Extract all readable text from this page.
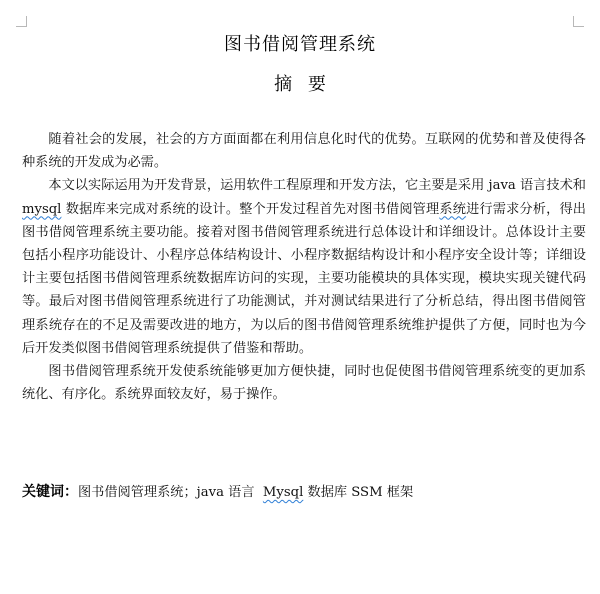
图书借阅管理系统
摘 要

随着社会的发展，社会的方方面面都在利用信息化时代的优势。互联网的优势和普及使得各种系统的开发成为必需。

本文以实际运用为开发背景，运用软件工程原理和开发方法，它主要是采用 java 语言技术和 mysql 数据库来完成对系统的设计。整个开发过程首先对图书借阅管理系统进行需求分析，得出图书借阅管理系统主要功能。接着对图书借阅管理系统进行总体设计和详细设计。总体设计主要包括小程序功能设计、小程序总体结构设计、小程序数据结构设计和小程序安全设计等；详细设计主要包括图书借阅管理系统数据库访问的实现，主要功能模块的具体实现，模块实现关键代码等。最后对图书借阅管理系统进行了功能测试，并对测试结果进行了分析总结，得出图书借阅管理系统存在的不足及需要改进的地方，为以后的图书借阅管理系统维护提供了方便，同时也为今后开发类似图书借阅管理系统提供了借鉴和帮助。

图书借阅管理系统开发使系统能够更加方便快捷，同时也促使图书借阅管理系统变的更加系统化、有序化。系统界面较友好，易于操作。

关键词：图书借阅管理系统；java 语言 Mysql 数据库 SSM 框架
